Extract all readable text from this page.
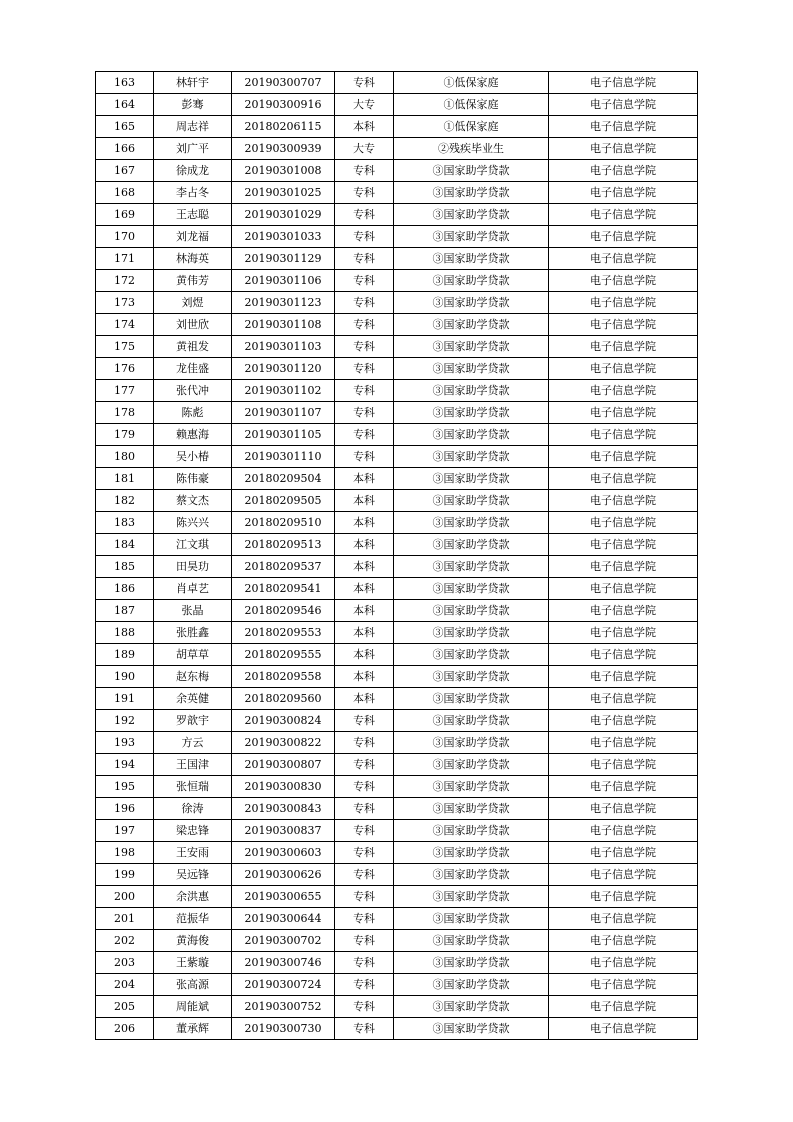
163	林轩宇	20190300707	专科	①低保家庭	电子信息学院
164	彭骞	20190300916	大专	①低保家庭	电子信息学院
165	周志祥	20180206115	本科	①低保家庭	电子信息学院
166	刘广平	20190300939	大专	②残疾毕业生	电子信息学院
167	徐成龙	20190301008	专科	③国家助学贷款	电子信息学院
168	李占冬	20190301025	专科	③国家助学贷款	电子信息学院
169	王志聪	20190301029	专科	③国家助学贷款	电子信息学院
170	刘龙福	20190301033	专科	③国家助学贷款	电子信息学院
171	林海英	20190301129	专科	③国家助学贷款	电子信息学院
172	黄伟芳	20190301106	专科	③国家助学贷款	电子信息学院
173	刘煜	20190301123	专科	③国家助学贷款	电子信息学院
174	刘世欣	20190301108	专科	③国家助学贷款	电子信息学院
175	黄祖发	20190301103	专科	③国家助学贷款	电子信息学院
176	龙佳盛	20190301120	专科	③国家助学贷款	电子信息学院
177	张代冲	20190301102	专科	③国家助学贷款	电子信息学院
178	陈彪	20190301107	专科	③国家助学贷款	电子信息学院
179	赖惠海	20190301105	专科	③国家助学贷款	电子信息学院
180	吴小椿	20190301110	专科	③国家助学贷款	电子信息学院
181	陈伟豪	20180209504	本科	③国家助学贷款	电子信息学院
182	蔡文杰	20180209505	本科	③国家助学贷款	电子信息学院
183	陈兴兴	20180209510	本科	③国家助学贷款	电子信息学院
184	江文琪	20180209513	本科	③国家助学贷款	电子信息学院
185	田昊玏	20180209537	本科	③国家助学贷款	电子信息学院
186	肖卓艺	20180209541	本科	③国家助学贷款	电子信息学院
187	张晶	20180209546	本科	③国家助学贷款	电子信息学院
188	张胜鑫	20180209553	本科	③国家助学贷款	电子信息学院
189	胡草草	20180209555	本科	③国家助学贷款	电子信息学院
190	赵东梅	20180209558	本科	③国家助学贷款	电子信息学院
191	余英健	20180209560	本科	③国家助学贷款	电子信息学院
192	罗歆宇	20190300824	专科	③国家助学贷款	电子信息学院
193	方云	20190300822	专科	③国家助学贷款	电子信息学院
194	王国津	20190300807	专科	③国家助学贷款	电子信息学院
195	张恒瑞	20190300830	专科	③国家助学贷款	电子信息学院
196	徐涛	20190300843	专科	③国家助学贷款	电子信息学院
197	梁忠锋	20190300837	专科	③国家助学贷款	电子信息学院
198	王安雨	20190300603	专科	③国家助学贷款	电子信息学院
199	吴远锋	20190300626	专科	③国家助学贷款	电子信息学院
200	余洪惠	20190300655	专科	③国家助学贷款	电子信息学院
201	范振华	20190300644	专科	③国家助学贷款	电子信息学院
202	黄海俊	20190300702	专科	③国家助学贷款	电子信息学院
203	王紫璇	20190300746	专科	③国家助学贷款	电子信息学院
204	张高源	20190300724	专科	③国家助学贷款	电子信息学院
205	周能斌	20190300752	专科	③国家助学贷款	电子信息学院
206	董承辉	20190300730	专科	③国家助学贷款	电子信息学院
